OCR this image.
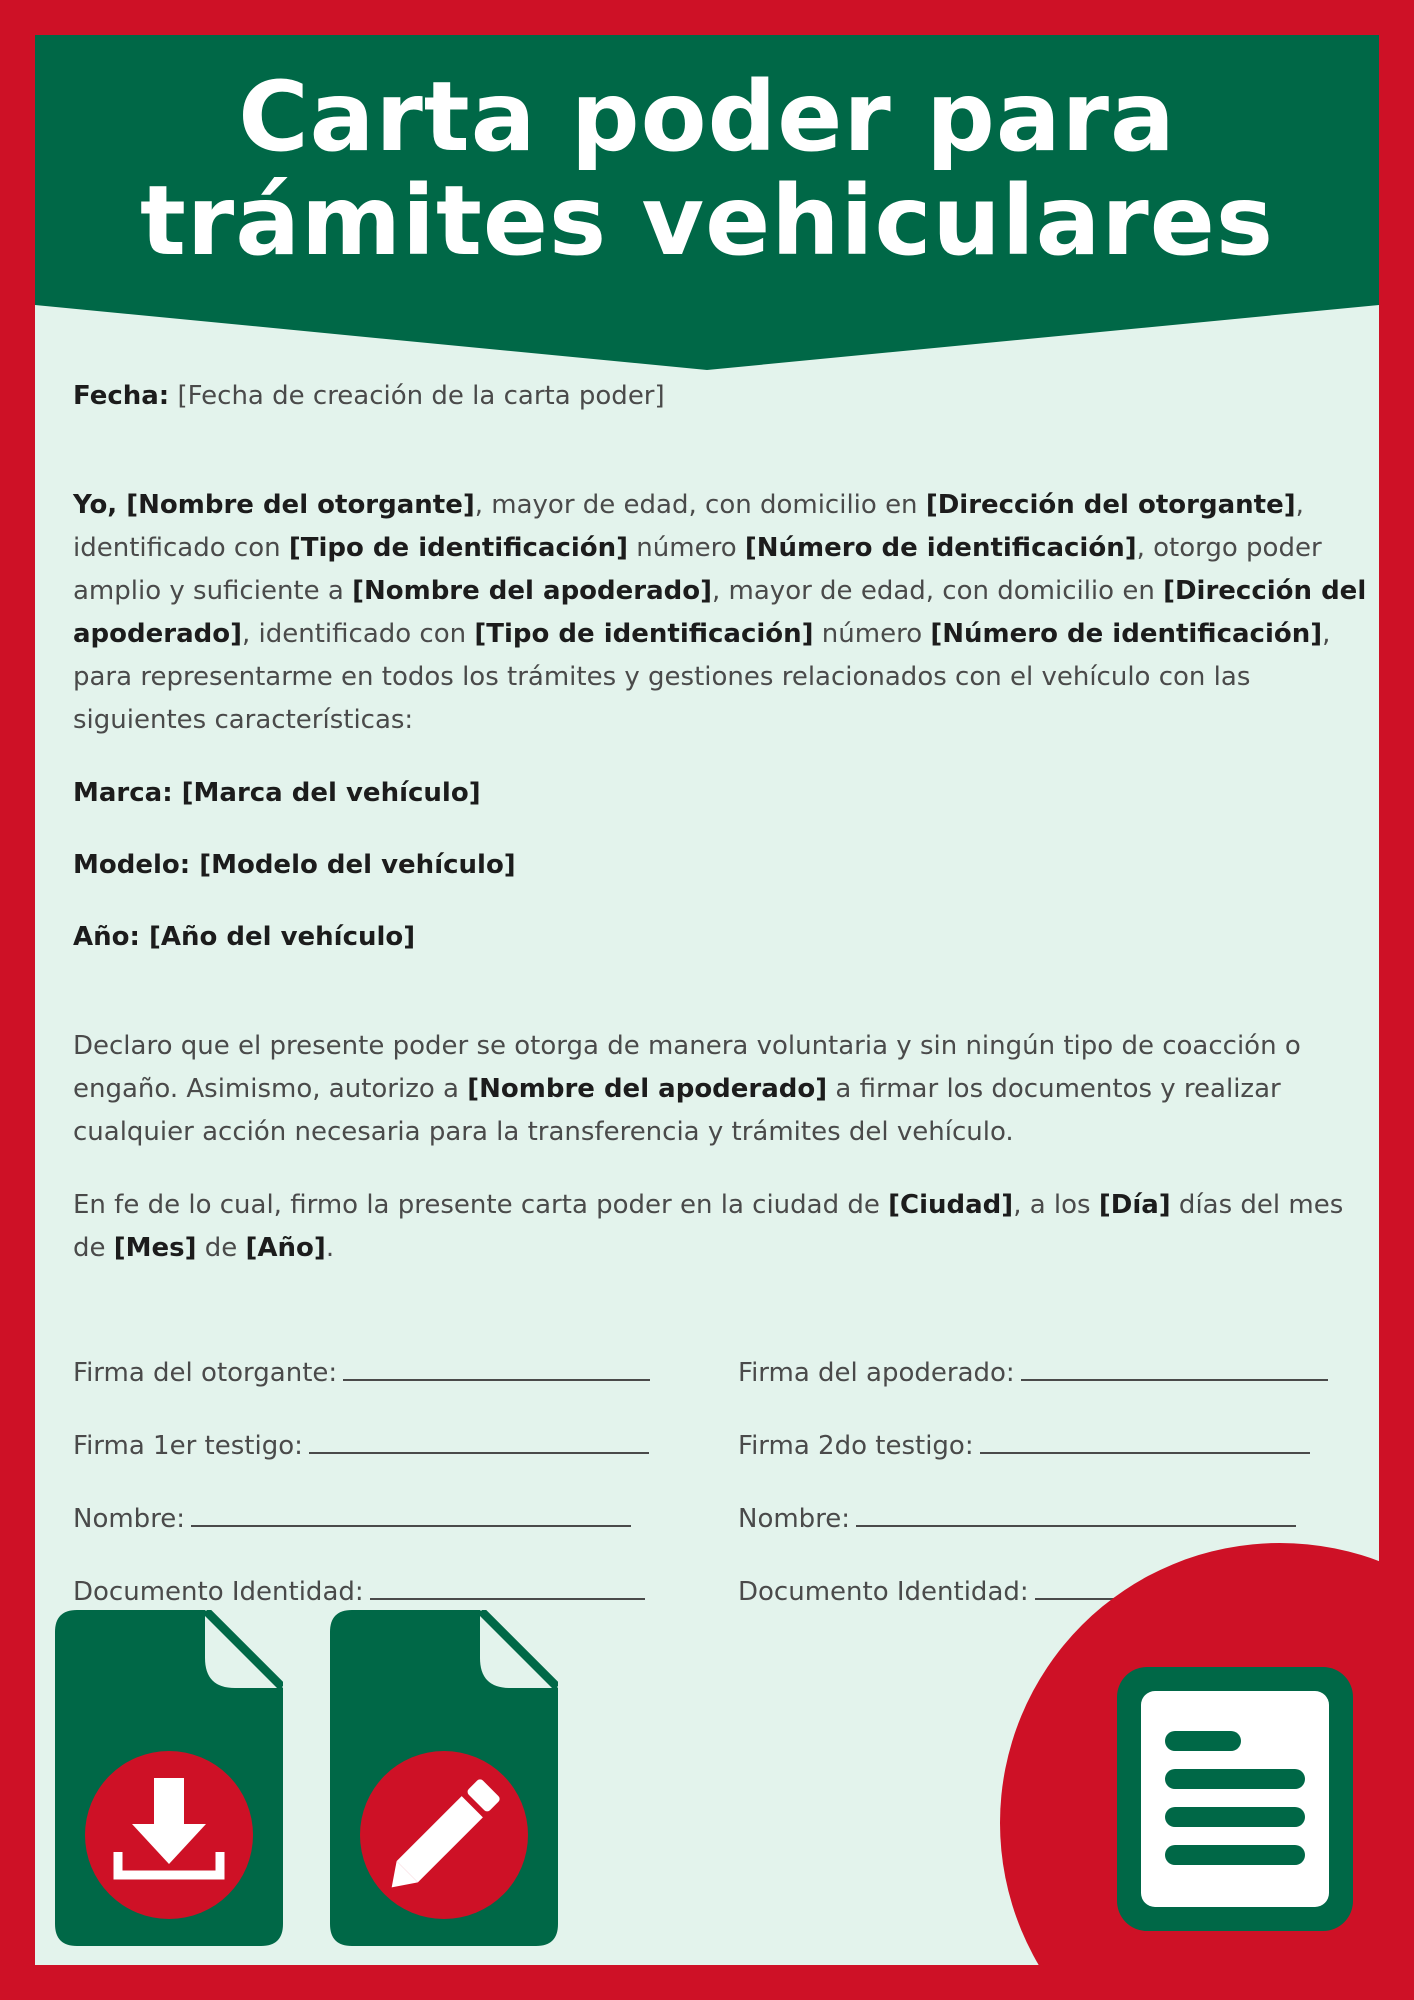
Carta poder para
trámites vehiculares

Fecha: [Fecha de creación de la carta poder]

Yo, [Nombre del otorgante], mayor de edad, con domicilio en [Dirección del otorgante], identificado con [Tipo de identificación] número [Número de identificación], otorgo poder amplio y suficiente a [Nombre del apoderado], mayor de edad, con domicilio en [Dirección del apoderado], identificado con [Tipo de identificación] número [Número de identificación], para representarme en todos los trámites y gestiones relacionados con el vehículo con las siguientes características:

Marca: [Marca del vehículo]

Modelo: [Modelo del vehículo]

Año: [Año del vehículo]

Declaro que el presente poder se otorga de manera voluntaria y sin ningún tipo de coacción o engaño. Asimismo, autorizo a [Nombre del apoderado] a firmar los documentos y realizar cualquier acción necesaria para la transferencia y trámites del vehículo.

En fe de lo cual, firmo la presente carta poder en la ciudad de [Ciudad], a los [Día] días del mes de [Mes] de [Año].

Firma del otorgante:	Firma del apoderado:
Firma 1er testigo:	Firma 2do testigo:
Nombre:	Nombre:
Documento Identidad:	Documento Identidad:
